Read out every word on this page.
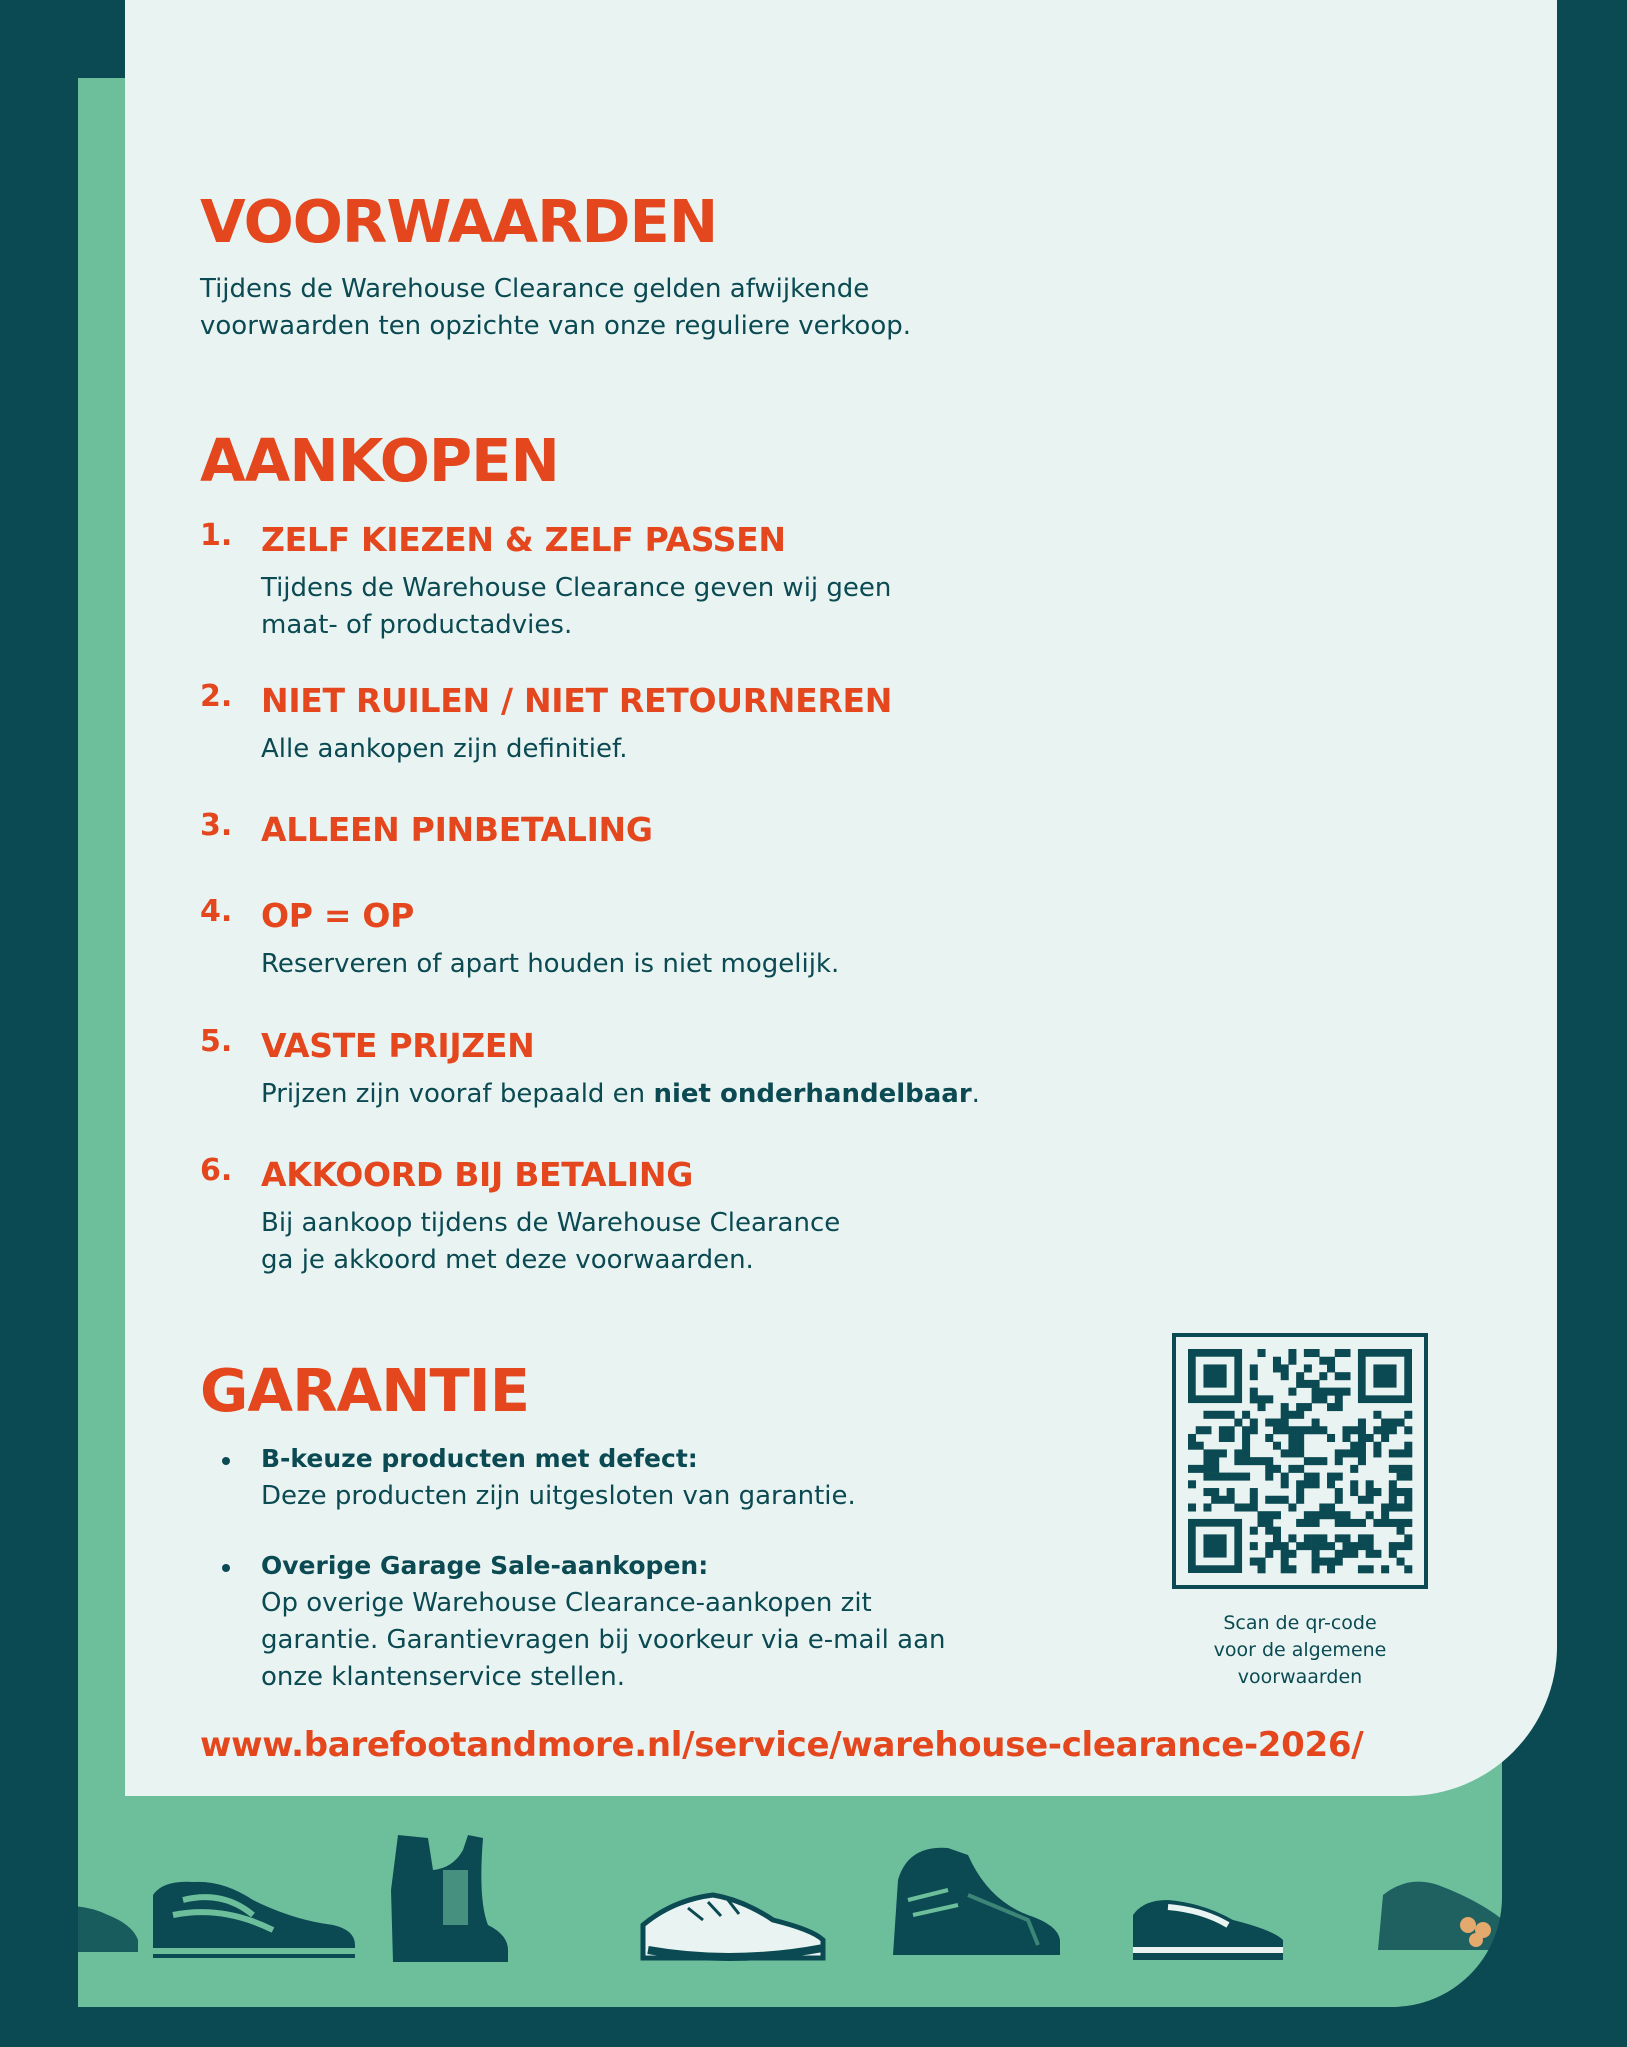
VOORWAARDEN

Tijdens de Warehouse Clearance gelden afwijkende
voorwaarden ten opzichte van onze reguliere verkoop.

AANKOPEN
1. ZELF KIEZEN & ZELF PASSEN

Tijdens de Warehouse Clearance geven wij geen
maat- of productadvies.

2. NIET RUILEN / NIET RETOURNEREN

Alle aankopen zijn definitief.

3. ALLEEN PINBETALING
4. OP = OP

Reserveren of apart houden is niet mogelijk.

5. VASTE PRIJZEN

Prijzen zijn vooraf bepaald en niet onderhandelbaar.

6. AKKOORD BIJ BETALING

Bij aankoop tijdens de Warehouse Clearance
ga je akkoord met deze voorwaarden.

GARANTIE
B-keuze producten met defect:

Deze producten zijn uitgesloten van garantie.

Overige Garage Sale-aankopen:

Op overige Warehouse Clearance-aankopen zit
garantie. Garantievragen bij voorkeur via e-mail aan
onze klantenservice stellen.

Scan de qr-code
voor de algemene
voorwaarden
www.barefootandmore.nl/service/warehouse-clearance-2026/
